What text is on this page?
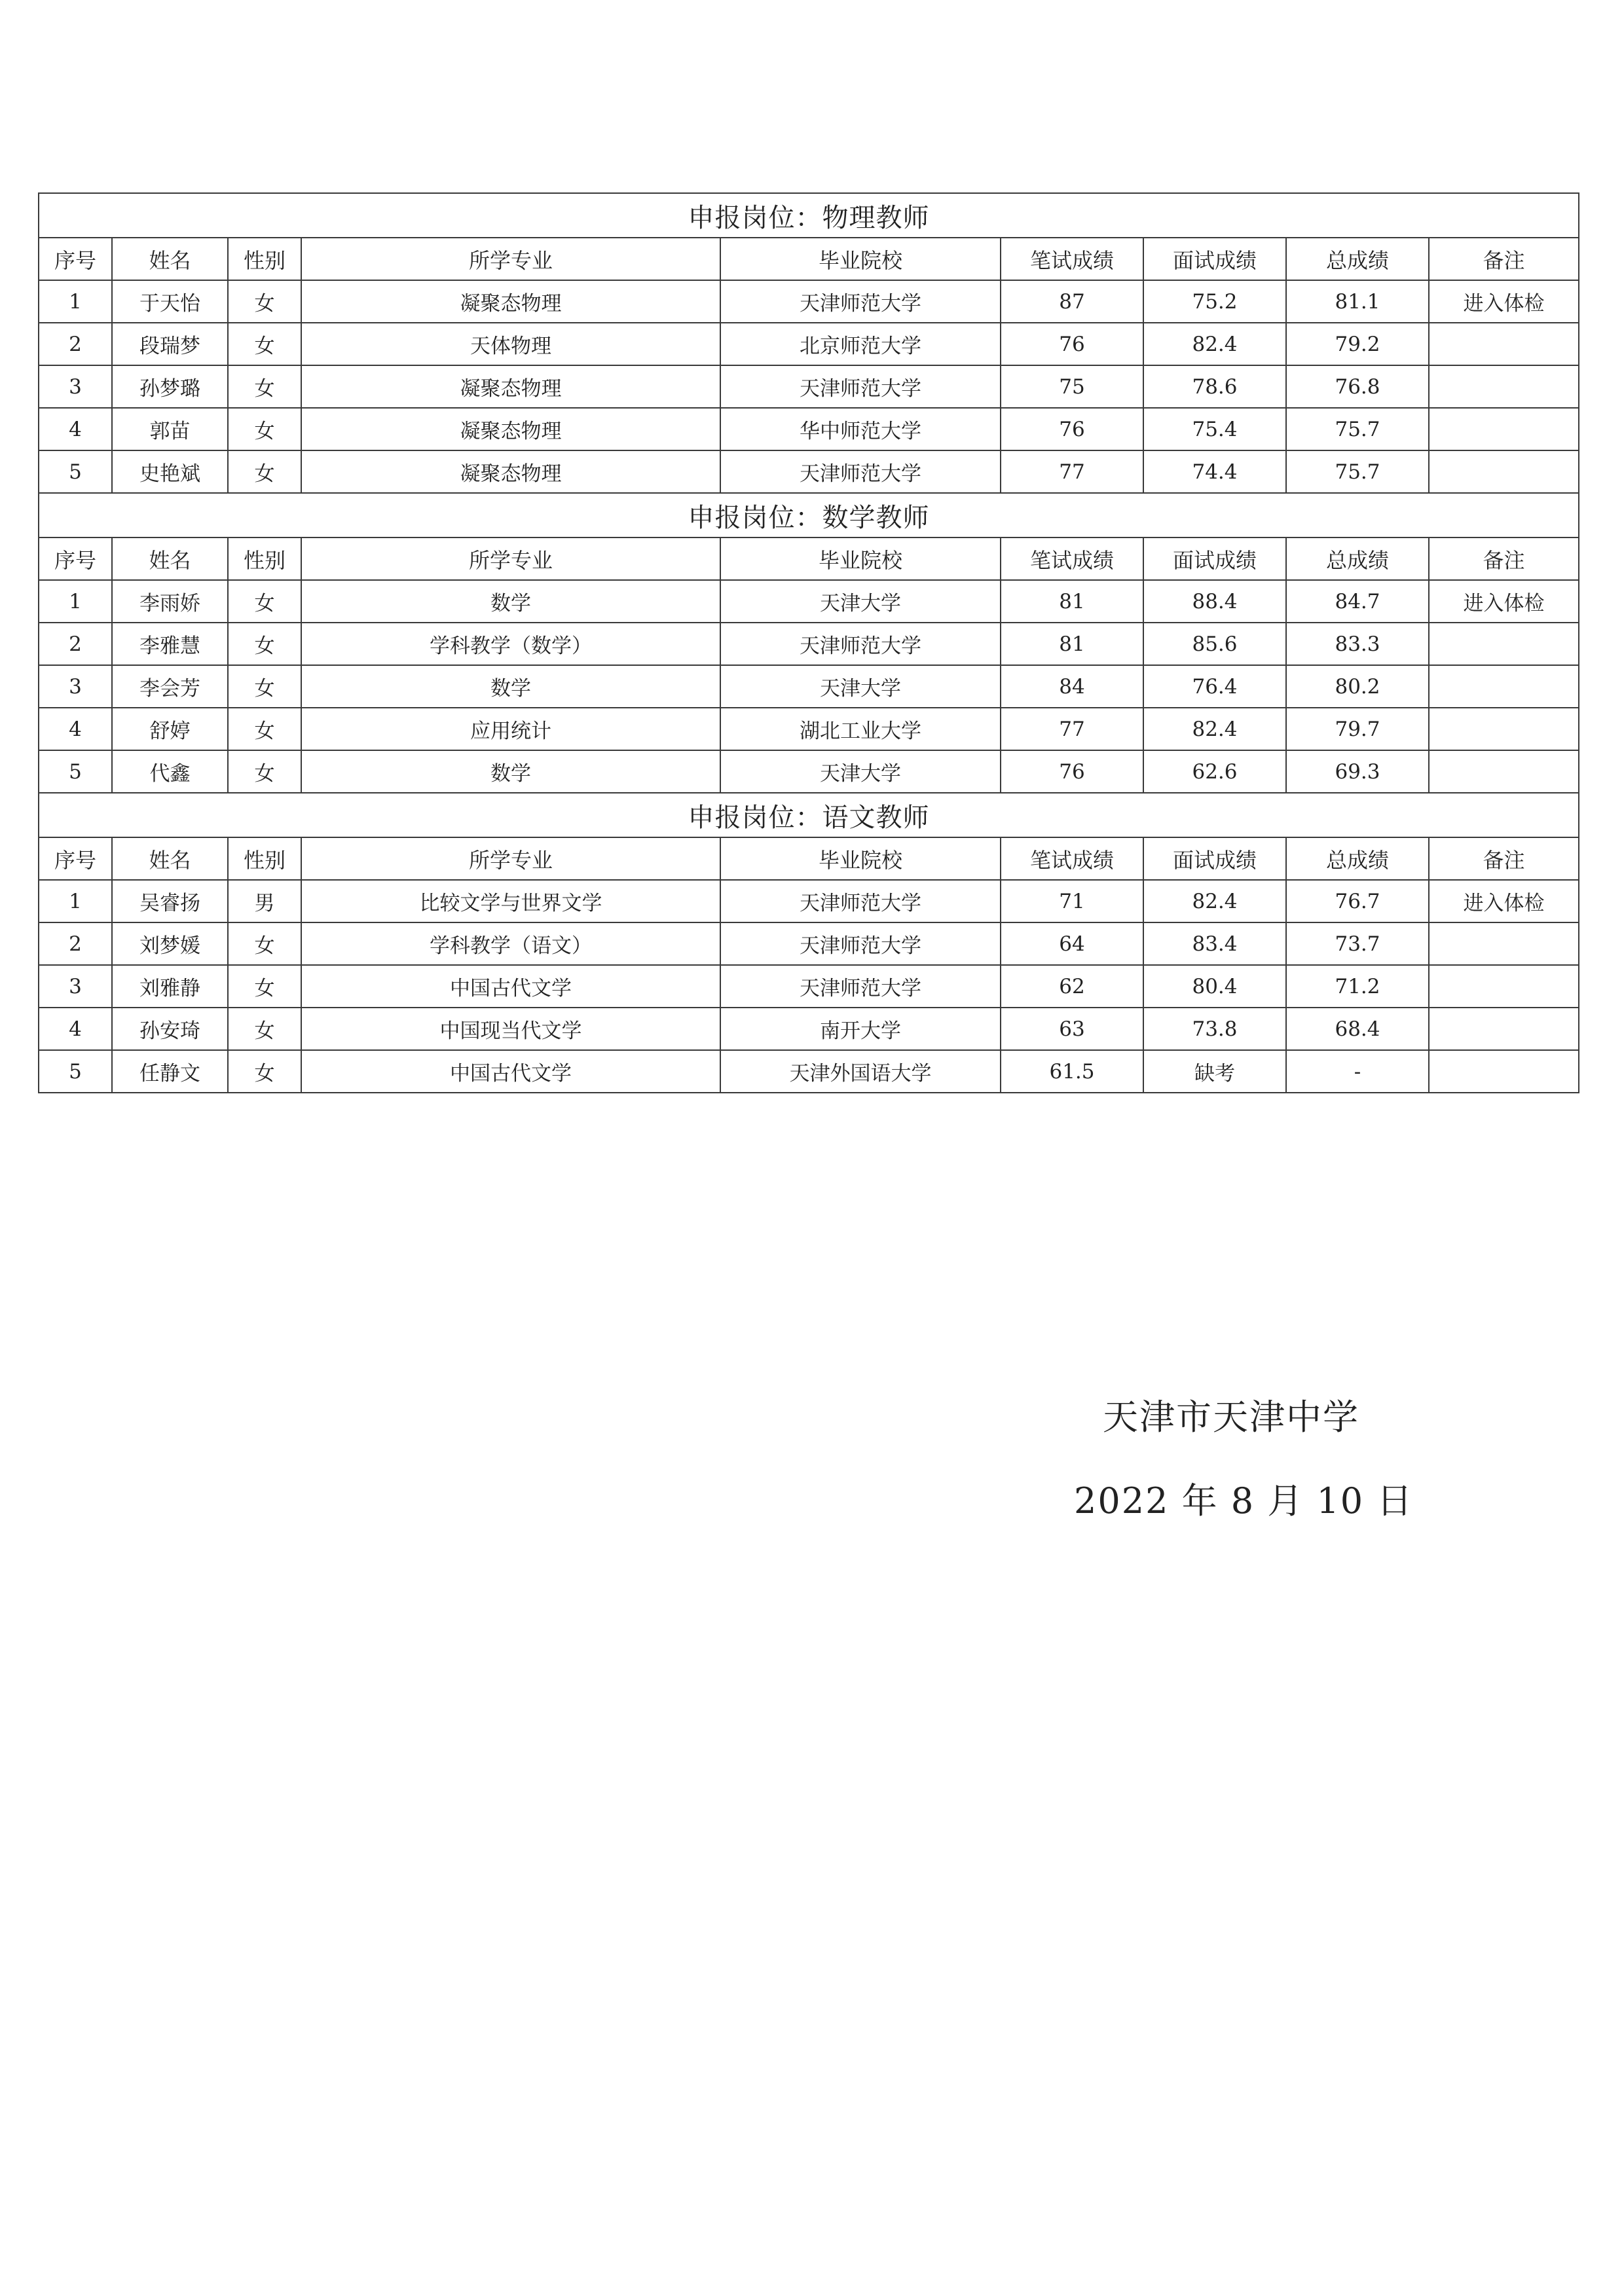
申报岗位：物理教师								
序号	姓名	性别	所学专业	毕业院校	笔试成绩	面试成绩	总成绩	备注
1	于天怡	女	凝聚态物理	天津师范大学	87	75.2	81.1	进入体检
2	段瑞梦	女	天体物理	北京师范大学	76	82.4	79.2	
3	孙梦璐	女	凝聚态物理	天津师范大学	75	78.6	76.8	
4	郭苗	女	凝聚态物理	华中师范大学	76	75.4	75.7	
5	史艳斌	女	凝聚态物理	天津师范大学	77	74.4	75.7	
申报岗位：数学教师								
序号	姓名	性别	所学专业	毕业院校	笔试成绩	面试成绩	总成绩	备注
1	李雨娇	女	数学	天津大学	81	88.4	84.7	进入体检
2	李雅慧	女	学科教学（数学）	天津师范大学	81	85.6	83.3	
3	李会芳	女	数学	天津大学	84	76.4	80.2	
4	舒婷	女	应用统计	湖北工业大学	77	82.4	79.7	
5	代鑫	女	数学	天津大学	76	62.6	69.3	
申报岗位：语文教师								
序号	姓名	性别	所学专业	毕业院校	笔试成绩	面试成绩	总成绩	备注
1	吴睿扬	男	比较文学与世界文学	天津师范大学	71	82.4	76.7	进入体检
2	刘梦媛	女	学科教学（语文）	天津师范大学	64	83.4	73.7	
3	刘雅静	女	中国古代文学	天津师范大学	62	80.4	71.2	
4	孙安琦	女	中国现当代文学	南开大学	63	73.8	68.4	
5	任静文	女	中国古代文学	天津外国语大学	61.5	缺考	-	
天津市天津中学
2022 年 8 月 10 日
